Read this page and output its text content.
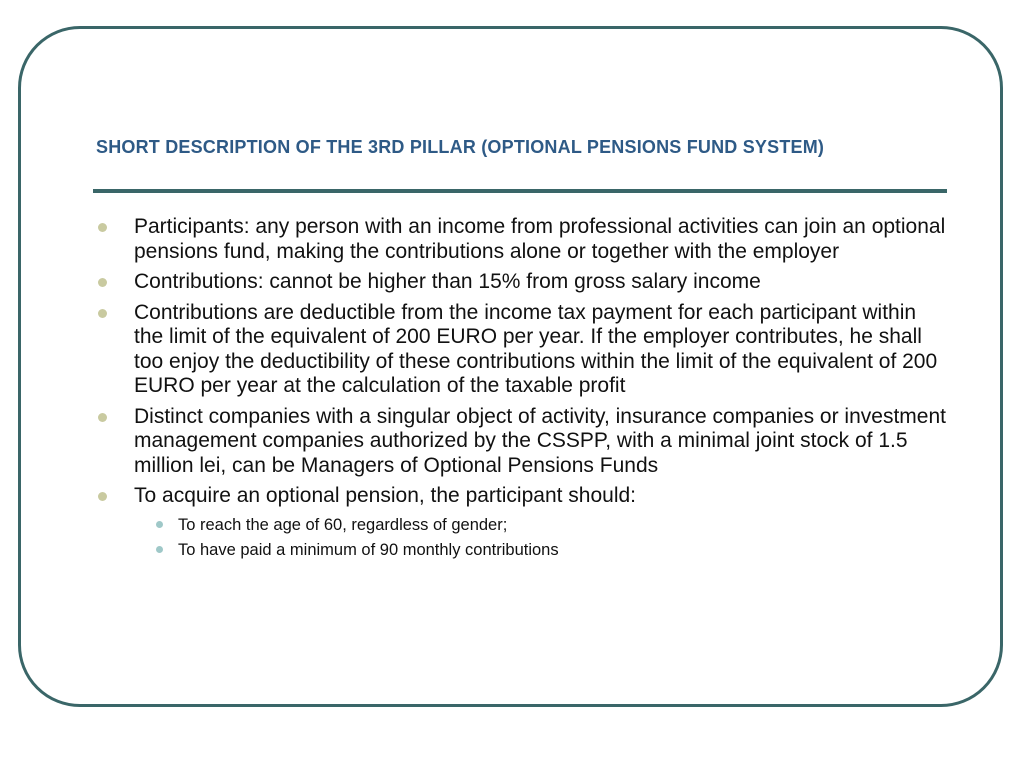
SHORT DESCRIPTION OF THE 3RD PILLAR (OPTIONAL PENSIONS FUND SYSTEM)
Participants: any person with an income from professional activities can join an optional pensions fund, making the contributions alone or together with the employer
Contributions: cannot be higher than 15% from gross salary income
Contributions are deductible from the income tax payment for each participant within the limit of the equivalent of 200 EURO per year. If the employer contributes, he shall too enjoy the deductibility of these contributions within the limit of the equivalent of 200 EURO per year at the calculation of the taxable profit
Distinct companies with a singular object of activity, insurance companies or investment management companies authorized by the CSSPP, with a minimal joint stock of 1.5 million lei, can be Managers of Optional Pensions Funds
To acquire an optional pension, the participant should:
To reach the age of 60, regardless of gender;
To have paid a minimum of 90 monthly contributions
